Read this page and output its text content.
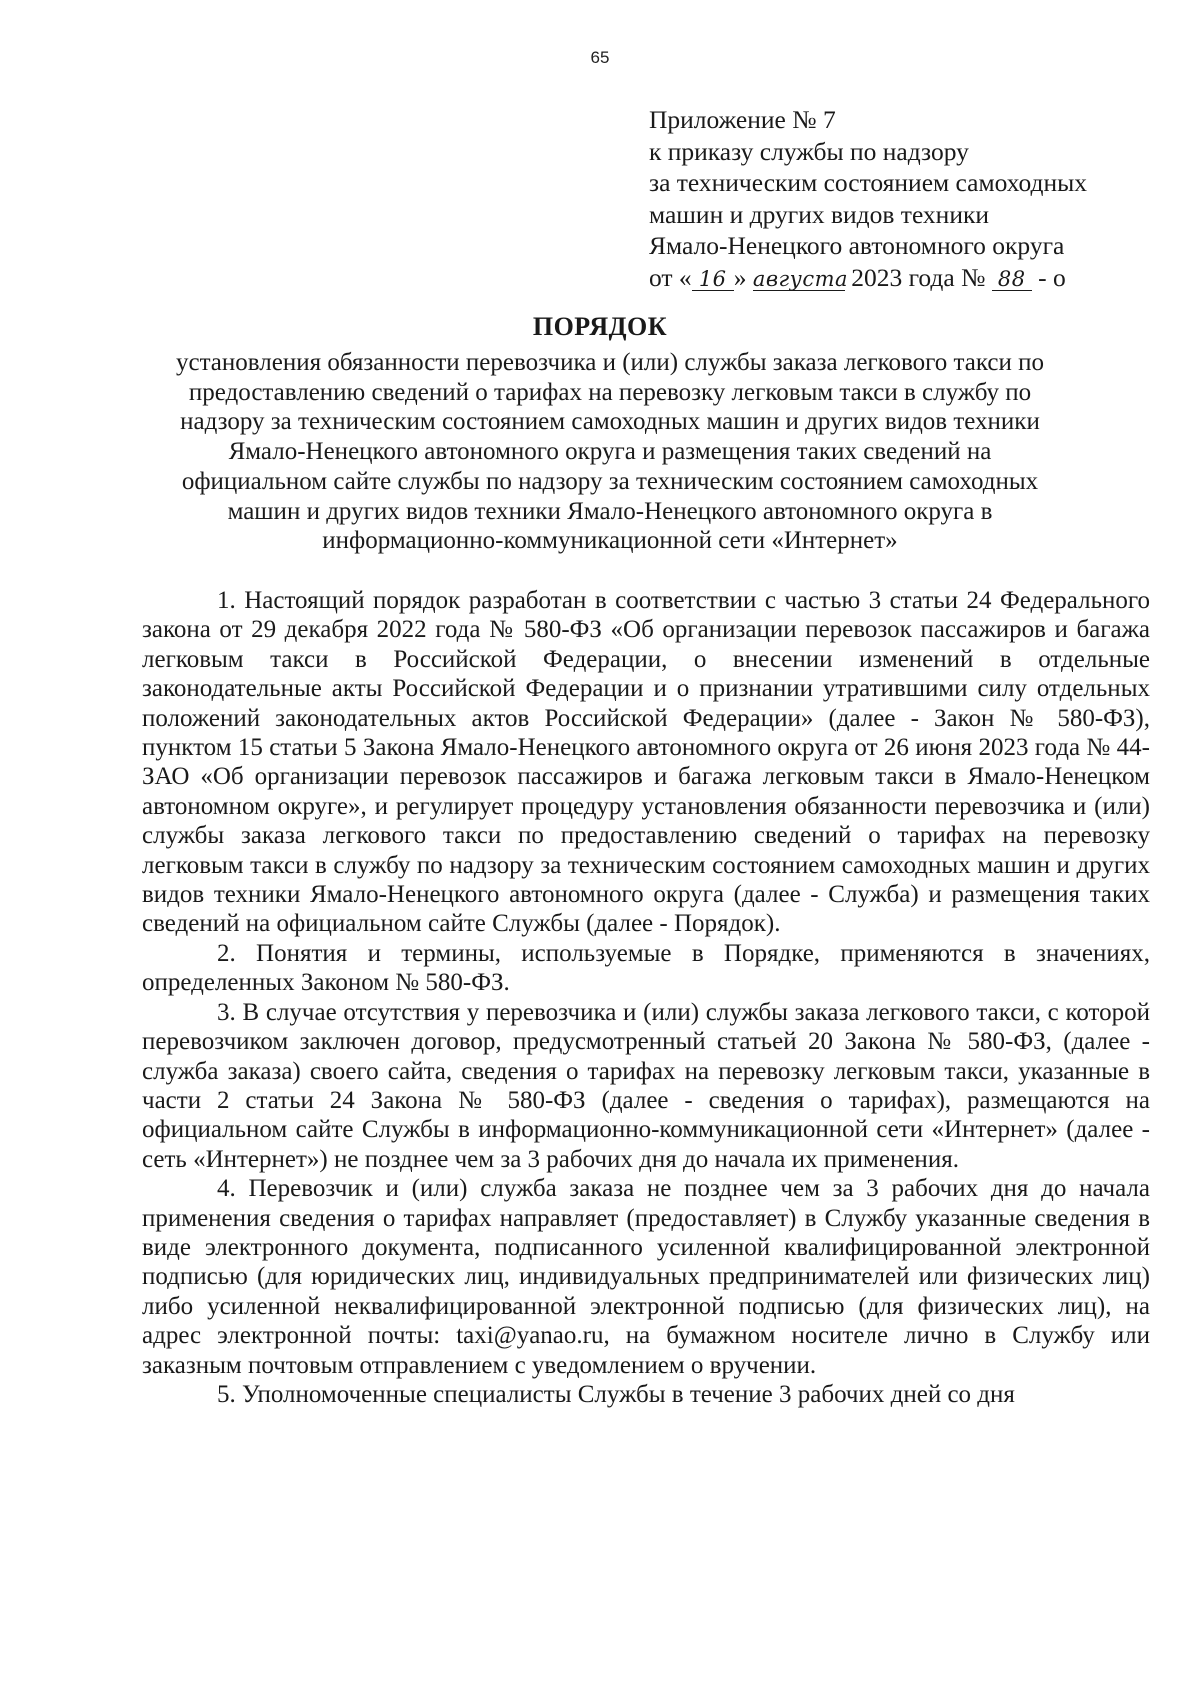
65
Приложение № 7
к приказу службы по надзору
за техническим состоянием самоходных
машин и других видов техники
Ямало-Ненецкого автономного округа
от « 16 » августа 2023 года № 88 - о
ПОРЯДОК
установления обязанности перевозчика и (или) службы заказа легкового такси по
предоставлению сведений о тарифах на перевозку легковым такси в службу по
надзору за техническим состоянием самоходных машин и других видов техники
Ямало-Ненецкого автономного округа и размещения таких сведений на
официальном сайте службы по надзору за техническим состоянием самоходных
машин и других видов техники Ямало-Ненецкого автономного округа в
информационно-коммуникационной сети «Интернет»

1. Настоящий порядок разработан в соответствии с частью 3 статьи 24 Федерального закона от 29 декабря 2022 года № 580-ФЗ «Об организации перевозок пассажиров и багажа легковым такси в Российской Федерации, о внесении изменений в отдельные законодательные акты Российской Федерации и о признании утратившими силу отдельных положений законодательных актов Российской Федерации» (далее - Закон № 580-ФЗ), пунктом 15 статьи 5 Закона Ямало-Ненецкого автономного округа от 26 июня 2023 года № 44-ЗАО «Об организации перевозок пассажиров и багажа легковым такси в Ямало-Ненецком автономном округе», и регулирует процедуру установления обязанности перевозчика и (или) службы заказа легкового такси по предоставлению сведений о тарифах на перевозку легковым такси в службу по надзору за техническим состоянием самоходных машин и других видов техники Ямало-Ненецкого автономного округа (далее - Служба) и размещения таких сведений на официальном сайте Службы (далее - Порядок).

2. Понятия и термины, используемые в Порядке, применяются в значениях, определенных Законом № 580-ФЗ.

3. В случае отсутствия у перевозчика и (или) службы заказа легкового такси, с которой перевозчиком заключен договор, предусмотренный статьей 20 Закона № 580-ФЗ, (далее - служба заказа) своего сайта, сведения о тарифах на перевозку легковым такси, указанные в части 2 статьи 24 Закона № 580-ФЗ (далее - сведения о тарифах), размещаются на официальном сайте Службы в информационно-коммуникационной сети «Интернет» (далее - сеть «Интернет») не позднее чем за 3 рабочих дня до начала их применения.

4. Перевозчик и (или) служба заказа не позднее чем за 3 рабочих дня до начала применения сведения о тарифах направляет (предоставляет) в Службу указанные сведения в виде электронного документа, подписанного усиленной квалифицированной электронной подписью (для юридических лиц, индивидуальных предпринимателей или физических лиц) либо усиленной неквалифицированной электронной подписью (для физических лиц), на адрес электронной почты: taxi@yanao.ru, на бумажном носителе лично в Службу или заказным почтовым отправлением с уведомлением о вручении.

5. Уполномоченные специалисты Службы в течение 3 рабочих дней со дня
